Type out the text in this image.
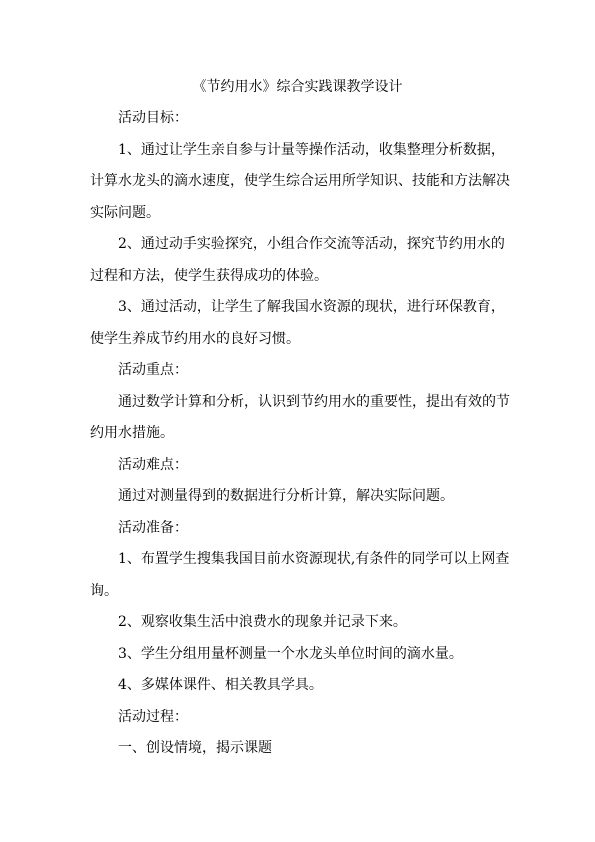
《节约用水》综合实践课教学设计
活动目标：
1、通过让学生亲自参与计量等操作活动，收集整理分析数据，
计算水龙头的滴水速度，使学生综合运用所学知识、技能和方法解决
实际问题。
2、通过动手实验探究，小组合作交流等活动，探究节约用水的
过程和方法，使学生获得成功的体验。
3、通过活动，让学生了解我国水资源的现状，进行环保教育，
使学生养成节约用水的良好习惯。
活动重点：
通过数学计算和分析，认识到节约用水的重要性，提出有效的节
约用水措施。
活动难点：
通过对测量得到的数据进行分析计算，解决实际问题。
活动准备：
1、布置学生搜集我国目前水资源现状,有条件的同学可以上网查
询。
2、观察收集生活中浪费水的现象并记录下来。
3、学生分组用量杯测量一个水龙头单位时间的滴水量。
4、多媒体课件、相关教具学具。
活动过程：
一、创设情境，揭示课题
